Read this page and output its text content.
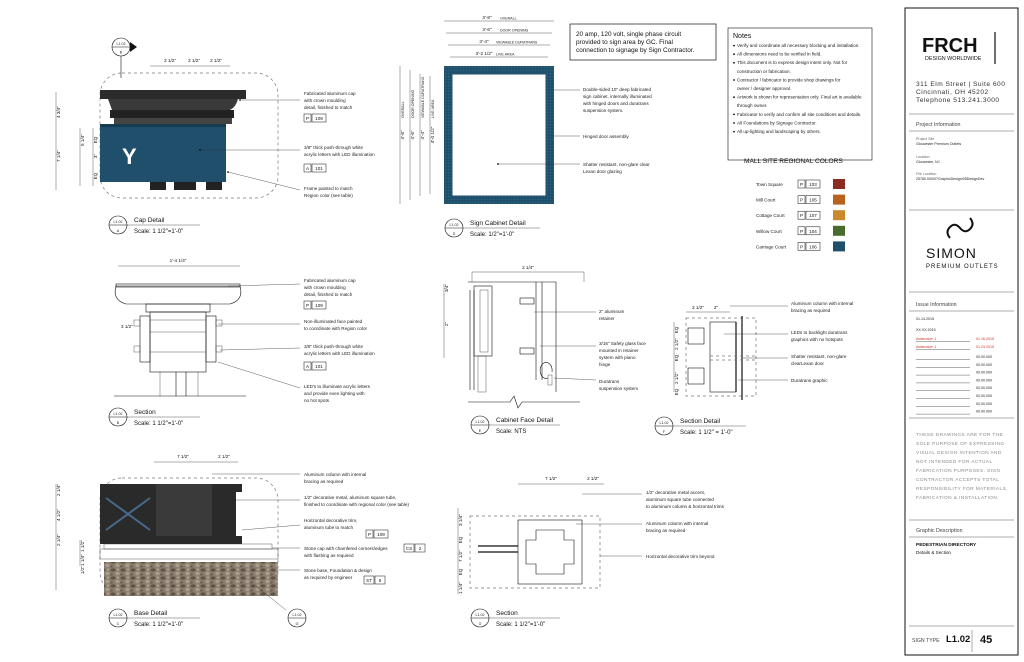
L1.02
B
2 1/2"	2 1/2" 2 1/2"
Y
4 3/4"
7 1/4"
5 1/4" EQ
3"
EQ
Fabricated aluminum cap
with crown moulding
detail, finished to match
P 109
3/8" thick push-through white
acrylic letters with LED illumination
A 101
Frame painted to match
Region color (see table)
L1.02
A
Cap Detail
Scale: 1 1/2"=1'-0"
1'-4 1/4"
3 1/2"
Fabricated aluminum cap
with crown moulding
detail, finished to match
P 109
Non-illuminated face painted
to coordinate with Region color
3/8" thick push-through white
acrylic letters with LED illumination
A 101
LED's to illuminate acrylic letters
and provide even lighting with
no hot spots
L1.02
B
Section
Scale: 1 1/2"=1'-0"
7 1/2"	2 1/2"
2 1/4"
4 1/2"
2 1/4"
1 1/2"
1 1/4"
1/2"
Aluminum column with internal
bracing as required
1/2" decorative metal, aluminum square tube,
finished to coordinate with regional color (see table)
Horizontal decorative trim,
aluminum tube to match
P 109
Stone cap with chamfered corners/edges
with flashing as required
CS 2
Stone base, Foundation & design
as required by engineer
ST 5
L1.02
G
L1.02
C
Base Detail
Scale: 1 1/2"=1'-0"
3'-8" OVERALL
3'-6" DOOR OPENING
3'-4" VIEWABLE DURATRANS
3'-2 1/2" LIVE AREA
4'-8"
OVERALL
4'-6"
DOOR OPENING
4'-4"
VIEWABLE DURATRANS
4'-0 1/2"
LIVE AREA
Double-sided 10" deep fabricated
sign cabinet, internally illuminated
with hinged doors and duratrans
suspension system.
Hinged door assembly
Shatter resistant, non-glare clear
Lexan door glazing
L1.02
D
Sign Cabinet Detail
Scale: 1/2"=1'-0"
20 amp, 120 volt, single phase circuit
provided to sign area by GC. Final
connection to signage by Sign Contractor.
Notes
Verify and coordinate all necessary blocking and installation.
All dimensions need to be verified in field.
This document is to express design intent only. Not for
construction or fabrication.
Contractor / fabricator to provide shop drawings for
owner / designer approval.
Artwork is shown for representation only. Final art is available
through owner.
Fabricator to verify and confirm all site conditions and details.
All Foundations by Signage Contractor.
All up-lighting and landscaping by others.
MALL SITE REGIONAL COLORS
Town Square	P 103
Mill Court	P 105
Cottage Court	P 107
Willow Court	P 104
Carriage Court	P 106
2 1/4"
3/4"
2"
2" aluminum
retainer
3/16" Safety glass face
mounted in retainer
system with piano
hinge
Duratrans
suspension system
L1.02
E
Cabinet Face Detail
Scale: NTS
2 1/2" 2"
EQ
2 1/2"
EQ
2 1/2"
EQ
Aluminum column with internal
bracing as required
LEDs to backlight duratrans
graphics with no hotspots
Shatter resistant, non-glare
clearLexan door
Duratrans graphic
L1.02
F
Section Detail
Scale: 1 1/2" = 1'-0"
7 1/2"	2 1/2"
3 1/4"
EQ
7 1/2"
EQ
1 1/4"
1/2" decorative metal accent,
aluminum square tube connected
to aluminum column & horizontal trims
Aluminum column with internal
bracing as required
Horizontal decorative trim beyond
L1.02
G
Section
Scale: 1 1/2"=1'-0"
FRCH
DESIGN WORLDWIDE
311 Elm Street | Suite 600
Cincinnati, OH 45202
Telephone 513.241.3000
Project Information
Project Site
Gloucester Premium Outlets
Location
Gloucester, NJ
File Location
25780.000/07GraphicDesign/05DesignDev
SIMON
PREMIUM OUTLETS
Issue Information
01.14.2015
XX.XX.2015
Addendum 1	01.16.2015
Addendum 1	01.23.2015
00.00.000
00.00.000
00.00.000
00.00.000
00.00.000
00.00.000
00.00.000
00.00.000
THESE DRAWINGS ARE FOR THE
SOLE PURPOSE OF EXPRESSING
VISUAL DESIGN INTENTION AND
NOT INTENDED FOR ACTUAL
FABRICATION PURPOSES. SIGN
CONTRACTOR ACCEPTS TOTAL
RESPONSIBILITY FOR MATERIALS,
FABRICATION & INSTALLATION.
Graphic Description
PEDESTRIAN DIRECTORY
Details & Section
SIGN TYPE L1.02 45
